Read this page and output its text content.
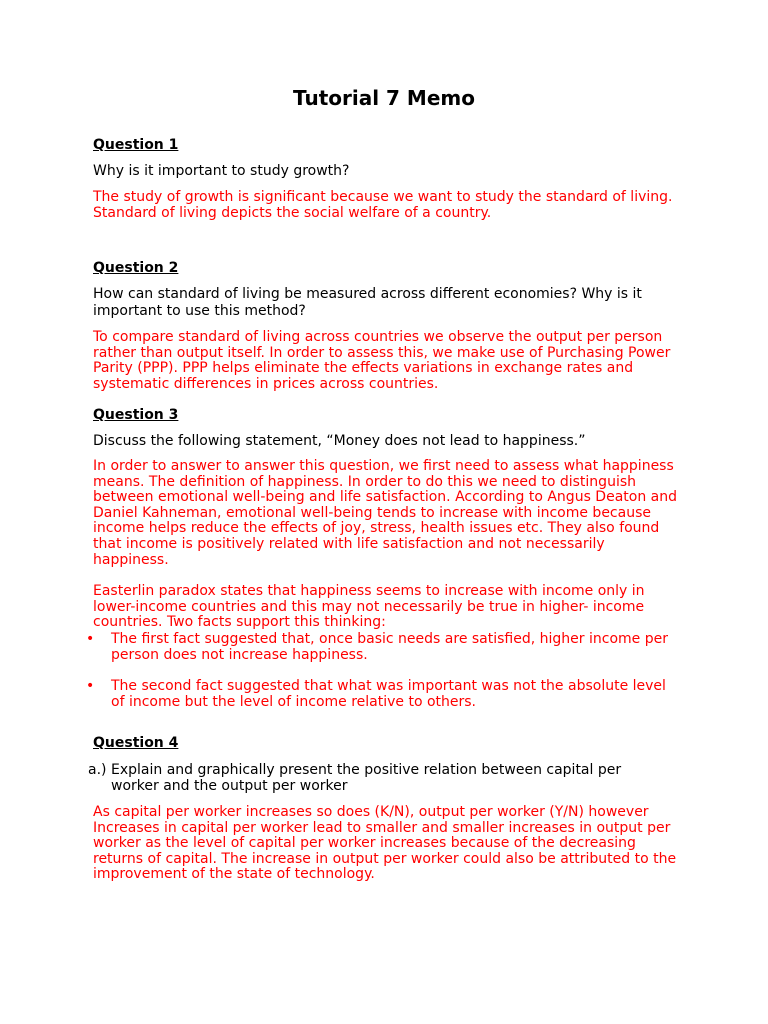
Tutorial 7 Memo

Question 1

Why is it important to study growth?

The study of growth is significant because we want to study the standard of living. Standard of living depicts the social welfare of a country.

Question 2

How can standard of living be measured across different economies? Why is it important to use this method?

To compare standard of living across countries we observe the output per person rather than output itself. In order to assess this, we make use of Purchasing Power Parity (PPP). PPP helps eliminate the effects variations in exchange rates and systematic differences in prices across countries.

Question 3

Discuss the following statement, “Money does not lead to happiness.”

In order to answer to answer this question, we first need to assess what happiness means. The definition of happiness. In order to do this we need to distinguish between emotional well-being and life satisfaction. According to Angus Deaton and Daniel Kahneman, emotional well-being tends to increase with income because income helps reduce the effects of joy, stress, health issues etc. They also found that income is positively related with life satisfaction and not necessarily happiness.

Easterlin paradox states that happiness seems to increase with income only in lower-income countries and this may not necessarily be true in higher- income countries. Two facts support this thinking:

• The first fact suggested that, once basic needs are satisfied, higher income per person does not increase happiness.
• The second fact suggested that what was important was not the absolute level of income but the level of income relative to others.

Question 4

a.) Explain and graphically present the positive relation between capital per worker and the output per worker

As capital per worker increases so does (K/N), output per worker (Y/N) however Increases in capital per worker lead to smaller and smaller increases in output per worker as the level of capital per worker increases because of the decreasing returns of capital. The increase in output per worker could also be attributed to the improvement of the state of technology.
